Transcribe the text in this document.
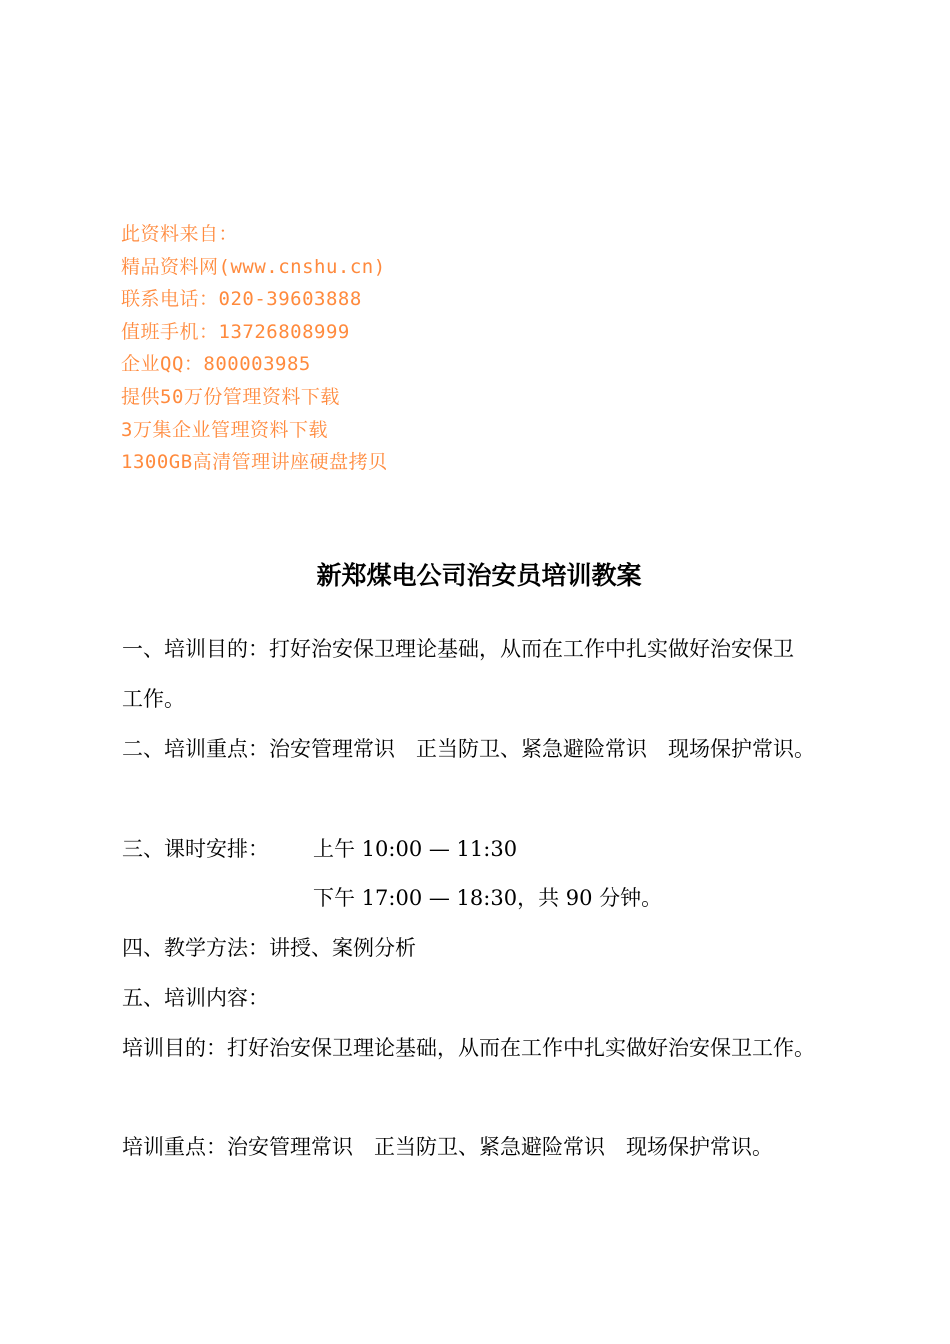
此资料来自：
精品资料网(www.cnshu.cn)
联系电话：020-39603888
值班手机：13726808999
企业QQ：800003985
提供50万份管理资料下载
3万集企业管理资料下载
1300GB高清管理讲座硬盘拷贝
新郑煤电公司治安员培训教案

一、培训目的：打好治安保卫理论基础，从而在工作中扎实做好治安保卫

工作。

二、培训重点：治安管理常识　正当防卫、紧急避险常识　现场保护常识。

三、课时安排： 上午 10:00 — 11:30
下午 17:00 — 18:30，共 90 分钟。

四、教学方法：讲授、案例分析

五、培训内容：

培训目的：打好治安保卫理论基础，从而在工作中扎实做好治安保卫工作。

培训重点：治安管理常识　正当防卫、紧急避险常识　现场保护常识。
